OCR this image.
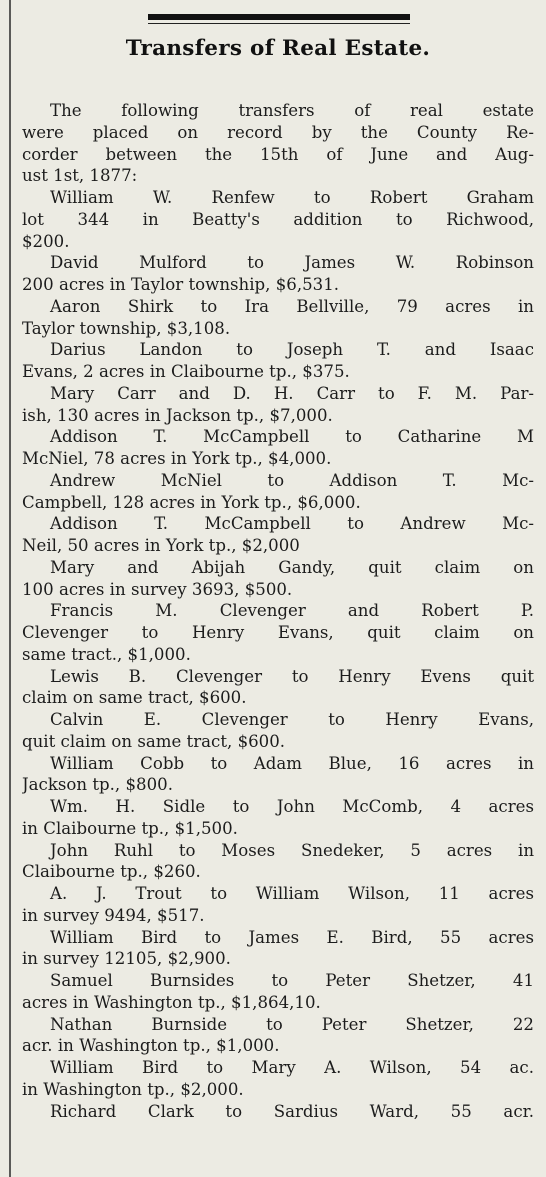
Transfers of Real Estate.
The following transfers of real estate
were placed on record by the County Re-
corder between the 15th of June and Aug-
ust 1st, 1877:
William W. Renfew to Robert Graham
lot 344 in Beatty's addition to Richwood,
$200.
David Mulford to James W. Robinson
200 acres in Taylor township, $6,531.
Aaron Shirk to Ira Bellville, 79 acres in
Taylor township, $3,108.
Darius Landon to Joseph T. and Isaac
Evans, 2 acres in Claibourne tp., $375.
Mary Carr and D. H. Carr to F. M. Par-
ish, 130 acres in Jackson tp., $7,000.
Addison T. McCampbell to Catharine M
McNiel, 78 acres in York tp., $4,000.
Andrew McNiel to Addison T. Mc-
Campbell, 128 acres in York tp., $6,000.
Addison T. McCampbell to Andrew Mc-
Neil, 50 acres in York tp., $2,000
Mary and Abijah Gandy, quit claim on
100 acres in survey 3693, $500.
Francis M. Clevenger and Robert P.
Clevenger to Henry Evans, quit claim on
same tract., $1,000.
Lewis B. Clevenger to Henry Evens quit
claim on same tract, $600.
Calvin E. Clevenger to Henry Evans,
quit claim on same tract, $600.
William Cobb to Adam Blue, 16 acres in
Jackson tp., $800.
Wm. H. Sidle to John McComb, 4 acres
in Claibourne tp., $1,500.
John Ruhl to Moses Snedeker, 5 acres in
Claibourne tp., $260.
A. J. Trout to William Wilson, 11 acres
in survey 9494, $517.
William Bird to James E. Bird, 55 acres
in survey 12105, $2,900.
Samuel Burnsides to Peter Shetzer, 41
acres in Washington tp., $1,864,10.
Nathan Burnside to Peter Shetzer, 22
acr. in Washington tp., $1,000.
William Bird to Mary A. Wilson, 54 ac.
in Washington tp., $2,000.
Richard Clark to Sardius Ward, 55 acr.
